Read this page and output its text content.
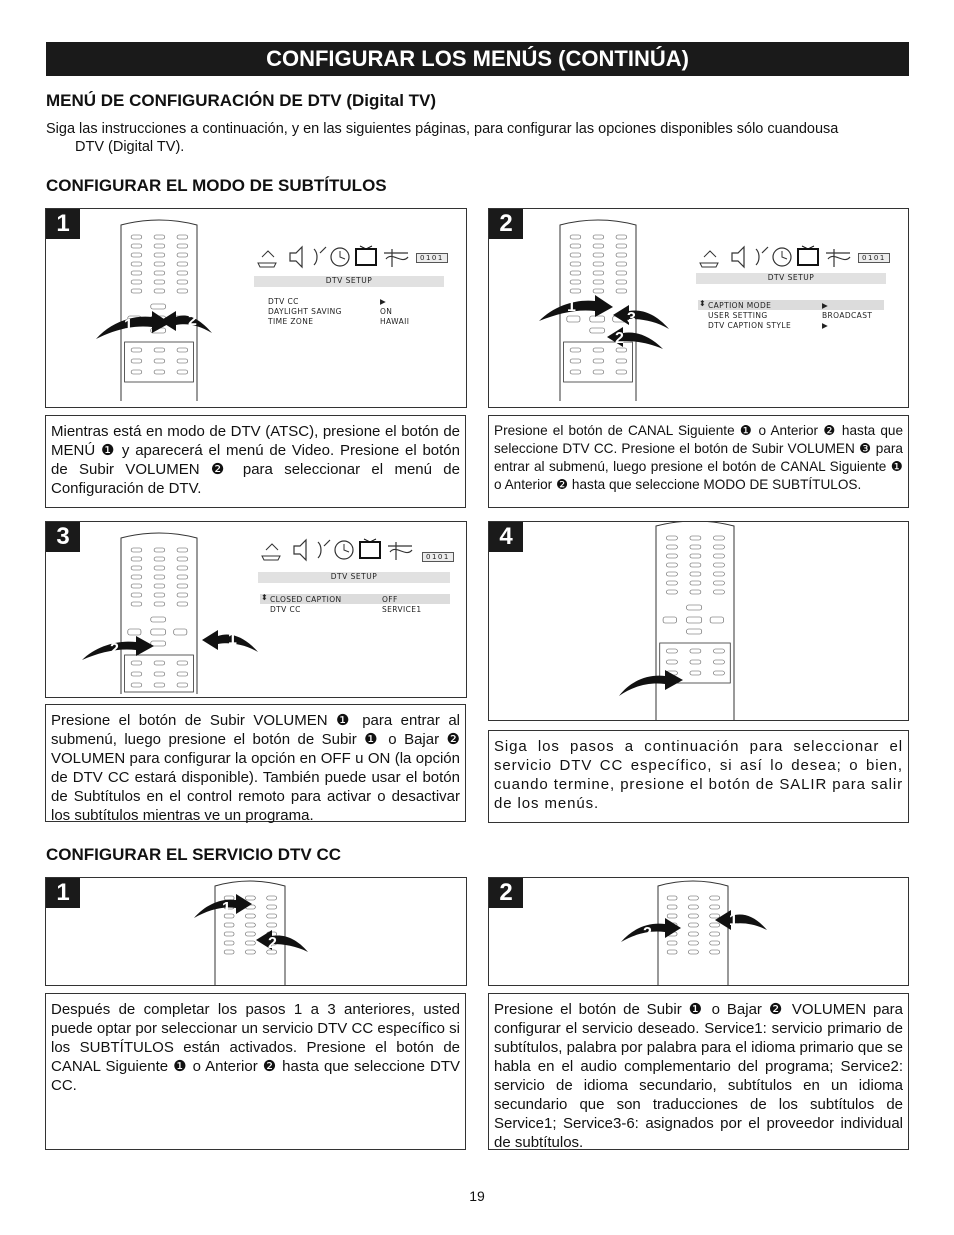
CONFIGURAR LOS MENÚS (CONTINÚA)
MENÚ DE CONFIGURACIÓN DE DTV (Digital TV)
Siga las instrucciones a continuación, y en las siguientes páginas, para configurar las opciones disponibles sólo cuandousa
DTV (Digital TV).
CONFIGURAR EL MODO DE SUBTÍTULOS
1
1	2
0101
DTV SETUP
DTV CC	▶
DAYLIGHT SAVING	ON
TIME ZONE	HAWAII
Mientras está en modo de DTV (ATSC), presione el botón de MENÚ ❶ y aparecerá el menú de Video. Presione el botón de Subir VOLUMEN ❷ para seleccionar el menú de Configuración de DTV.
2
1
3
2
0101
DTV SETUP
⬍ CAPTION MODE	▶
USER SETTING	BROADCAST
DTV CAPTION STYLE	▶
Presione el botón de CANAL Siguiente ❶ o Anterior ❷ hasta que seleccione DTV CC. Presione el botón de Subir VOLUMEN ❸ para entrar al submenú, luego presione el botón de CANAL Siguiente ❶ o Anterior ❷ hasta que seleccione MODO DE SUBTÍTULOS.
3
2
1
0101
DTV SETUP
⬍ CLOSED CAPTION	OFF
DTV CC	SERVICE1
Presione el botón de Subir VOLUMEN ❶ para entrar al submenú, luego presione el botón de Subir ❶ o Bajar ❷ VOLUMEN para configurar la opción en OFF u ON (la opción de DTV CC estará disponible). También puede usar el botón de Subtítulos en el control remoto para activar o desactivar los subtítulos mientras ve un programa.
4
Siga los pasos a continuación para seleccionar el servicio DTV CC específico, si así lo desea; o bien, cuando termine, presione el botón de SALIR para salir de los menús.
CONFIGURAR EL SERVICIO DTV CC
1
1
2
Después de completar los pasos 1 a 3 anteriores, usted puede optar por seleccionar un servicio DTV CC específico si los SUBTÍTULOS están activados. Presione el botón de CANAL Siguiente ❶ o Anterior ❷ hasta que seleccione DTV CC.
2
2
1
Presione el botón de Subir ❶ o Bajar ❷ VOLUMEN para configurar el servicio deseado. Service1: servicio primario de subtítulos, palabra por palabra para el idioma primario que se habla en el audio complementario del programa; Service2: servicio de idioma secundario, subtítulos en un idioma secundario que son traducciones de los subtítulos de Service1; Service3-6: asignados por el proveedor individual de subtítulos.
19
